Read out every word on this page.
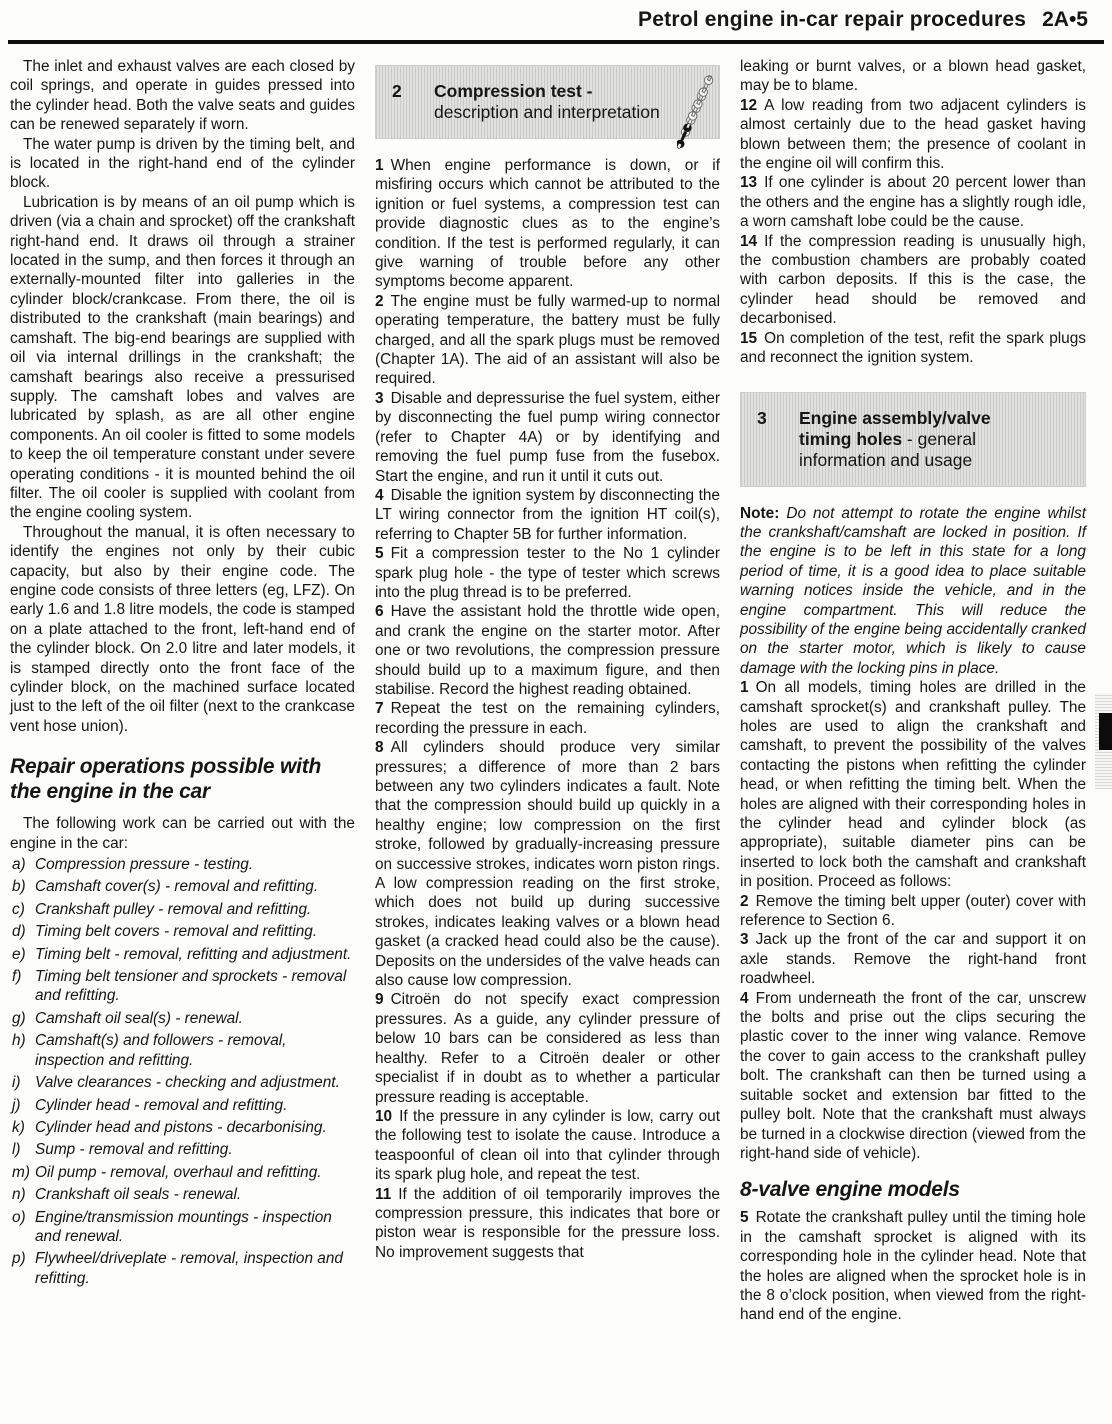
Petrol engine in-car repair procedures 2A•5

The inlet and exhaust valves are each closed by coil springs, and operate in guides pressed into the cylinder head. Both the valve seats and guides can be renewed separately if worn.

The water pump is driven by the timing belt, and is located in the right-hand end of the cylinder block.

Lubrication is by means of an oil pump which is driven (via a chain and sprocket) off the crankshaft right-hand end. It draws oil through a strainer located in the sump, and then forces it through an externally-mounted filter into galleries in the cylinder block/crankcase. From there, the oil is distributed to the crankshaft (main bearings) and camshaft. The big-end bearings are supplied with oil via internal drillings in the crankshaft; the camshaft bearings also receive a pressurised supply. The camshaft lobes and valves are lubricated by splash, as are all other engine components. An oil cooler is fitted to some models to keep the oil temperature constant under severe operating conditions - it is mounted behind the oil filter. The oil cooler is supplied with coolant from the engine cooling system.

Throughout the manual, it is often necessary to identify the engines not only by their cubic capacity, but also by their engine code. The engine code consists of three letters (eg, LFZ). On early 1.6 and 1.8 litre models, the code is stamped on a plate attached to the front, left-hand end of the cylinder block. On 2.0 litre and later models, it is stamped directly onto the front face of the cylinder block, on the machined surface located just to the left of the oil filter (next to the crankcase vent hose union).

Repair operations possible with the engine in the car

The following work can be carried out with the engine in the car:

a) Compression pressure - testing.
b) Camshaft cover(s) - removal and refitting.
c) Crankshaft pulley - removal and refitting.
d) Timing belt covers - removal and refitting.
e) Timing belt - removal, refitting and adjustment.
f) Timing belt tensioner and sprockets - removal and refitting.
g) Camshaft oil seal(s) - renewal.
h) Camshaft(s) and followers - removal, inspection and refitting.
i) Valve clearances - checking and adjustment.
j) Cylinder head - removal and refitting.
k) Cylinder head and pistons - decarbonising.
l) Sump - removal and refitting.
m) Oil pump - removal, overhaul and refitting.
n) Crankshaft oil seals - renewal.
o) Engine/transmission mountings - inspection and renewal.
p) Flywheel/driveplate - removal, inspection and refitting.
2	Compression test -
description and interpretation

1 When engine performance is down, or if misfiring occurs which cannot be attributed to the ignition or fuel systems, a compression test can provide diagnostic clues as to the engine’s condition. If the test is performed regularly, it can give warning of trouble before any other symptoms become apparent.

2 The engine must be fully warmed-up to normal operating temperature, the battery must be fully charged, and all the spark plugs must be removed (Chapter 1A). The aid of an assistant will also be required.

3 Disable and depressurise the fuel system, either by disconnecting the fuel pump wiring connector (refer to Chapter 4A) or by identifying and removing the fuel pump fuse from the fusebox. Start the engine, and run it until it cuts out.

4 Disable the ignition system by disconnecting the LT wiring connector from the ignition HT coil(s), referring to Chapter 5B for further information.

5 Fit a compression tester to the No 1 cylinder spark plug hole - the type of tester which screws into the plug thread is to be preferred.

6 Have the assistant hold the throttle wide open, and crank the engine on the starter motor. After one or two revolutions, the compression pressure should build up to a maximum figure, and then stabilise. Record the highest reading obtained.

7 Repeat the test on the remaining cylinders, recording the pressure in each.

8 All cylinders should produce very similar pressures; a difference of more than 2 bars between any two cylinders indicates a fault. Note that the compression should build up quickly in a healthy engine; low compression on the first stroke, followed by gradually-increasing pressure on successive strokes, indicates worn piston rings. A low compression reading on the first stroke, which does not build up during successive strokes, indicates leaking valves or a blown head gasket (a cracked head could also be the cause). Deposits on the undersides of the valve heads can also cause low compression.

9 Citroën do not specify exact compression pressures. As a guide, any cylinder pressure of below 10 bars can be considered as less than healthy. Refer to a Citroën dealer or other specialist if in doubt as to whether a particular pressure reading is acceptable.

10 If the pressure in any cylinder is low, carry out the following test to isolate the cause. Introduce a teaspoonful of clean oil into that cylinder through its spark plug hole, and repeat the test.

11 If the addition of oil temporarily improves the compression pressure, this indicates that bore or piston wear is responsible for the pressure loss. No improvement suggests that

leaking or burnt valves, or a blown head gasket, may be to blame.

12 A low reading from two adjacent cylinders is almost certainly due to the head gasket having blown between them; the presence of coolant in the engine oil will confirm this.

13 If one cylinder is about 20 percent lower than the others and the engine has a slightly rough idle, a worn camshaft lobe could be the cause.

14 If the compression reading is unusually high, the combustion chambers are probably coated with carbon deposits. If this is the case, the cylinder head should be removed and decarbonised.

15 On completion of the test, refit the spark plugs and reconnect the ignition system.

3	Engine assembly/valve timing holes - general information and usage

Note: Do not attempt to rotate the engine whilst the crankshaft/camshaft are locked in position. If the engine is to be left in this state for a long period of time, it is a good idea to place suitable warning notices inside the vehicle, and in the engine compartment. This will reduce the possibility of the engine being accidentally cranked on the starter motor, which is likely to cause damage with the locking pins in place.

1 On all models, timing holes are drilled in the camshaft sprocket(s) and crankshaft pulley. The holes are used to align the crankshaft and camshaft, to prevent the possibility of the valves contacting the pistons when refitting the cylinder head, or when refitting the timing belt. When the holes are aligned with their corresponding holes in the cylinder head and cylinder block (as appropriate), suitable diameter pins can be inserted to lock both the camshaft and crankshaft in position. Proceed as follows:

2 Remove the timing belt upper (outer) cover with reference to Section 6.

3 Jack up the front of the car and support it on axle stands. Remove the right-hand front roadwheel.

4 From underneath the front of the car, unscrew the bolts and prise out the clips securing the plastic cover to the inner wing valance. Remove the cover to gain access to the crankshaft pulley bolt. The crankshaft can then be turned using a suitable socket and extension bar fitted to the pulley bolt. Note that the crankshaft must always be turned in a clockwise direction (viewed from the right-hand side of vehicle).

8-valve engine models

5 Rotate the crankshaft pulley until the timing hole in the camshaft sprocket is aligned with its corresponding hole in the cylinder head. Note that the holes are aligned when the sprocket hole is in the 8 o’clock position, when viewed from the right-hand end of the engine.
